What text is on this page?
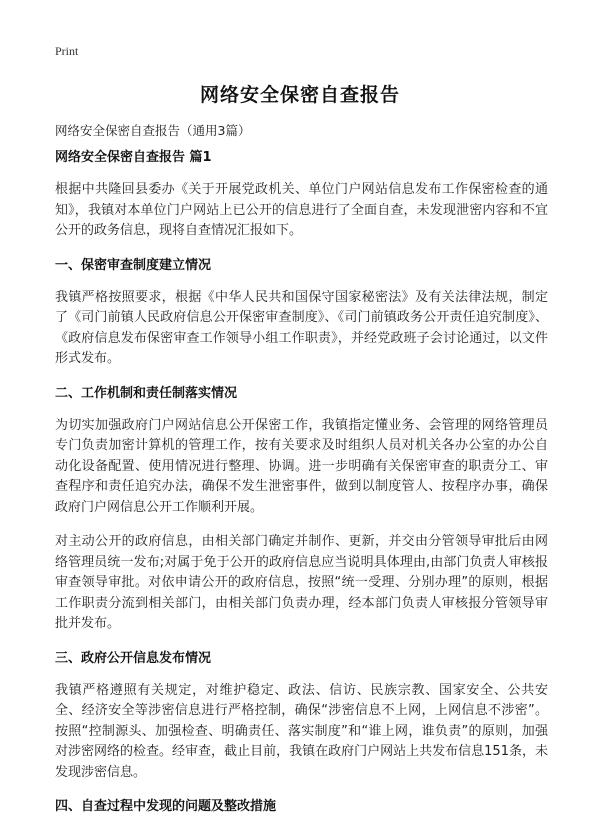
Print
网络安全保密自查报告
网络安全保密自查报告（通用3篇）
网络安全保密自查报告 篇1

根据中共隆回县委办《关于开展党政机关、单位门户网站信息发布工作保密检查的通知》，我镇对本单位门户网站上已公开的信息进行了全面自查，未发现泄密内容和不宜公开的政务信息，现将自查情况汇报如下。

一、保密审查制度建立情况

我镇严格按照要求，根据《中华人民共和国保守国家秘密法》及有关法律法规，制定了《司门前镇人民政府信息公开保密审查制度》、《司门前镇政务公开责任追究制度》、《政府信息发布保密审查工作领导小组工作职责》，并经党政班子会讨论通过，以文件形式发布。

二、工作机制和责任制落实情况

为切实加强政府门户网站信息公开保密工作，我镇指定懂业务、会管理的网络管理员专门负责加密计算机的管理工作，按有关要求及时组织人员对机关各办公室的办公自动化设备配置、使用情况进行整理、协调。进一步明确有关保密审查的职责分工、审查程序和责任追究办法，确保不发生泄密事件，做到以制度管人、按程序办事，确保政府门户网信息公开工作顺利开展。

对主动公开的政府信息，由相关部门确定并制作、更新，并交由分管领导审批后由网络管理员统一发布;对属于免于公开的政府信息应当说明具体理由,由部门负责人审核报审查领导审批。对依申请公开的政府信息，按照“统一受理、分别办理”的原则，根据工作职责分流到相关部门，由相关部门负责办理，经本部门负责人审核报分管领导审批并发布。

三、政府公开信息发布情况

我镇严格遵照有关规定，对维护稳定、政法、信访、民族宗教、国家安全、公共安全、经济安全等涉密信息进行严格控制，确保“涉密信息不上网，上网信息不涉密”。按照“控制源头、加强检查、明确责任、落实制度”和“谁上网，谁负责”的原则，加强对涉密网络的检查。经审查，截止目前，我镇在政府门户网站上共发布信息151条，未发现涉密信息。

四、自查过程中发现的问题及整改措施
